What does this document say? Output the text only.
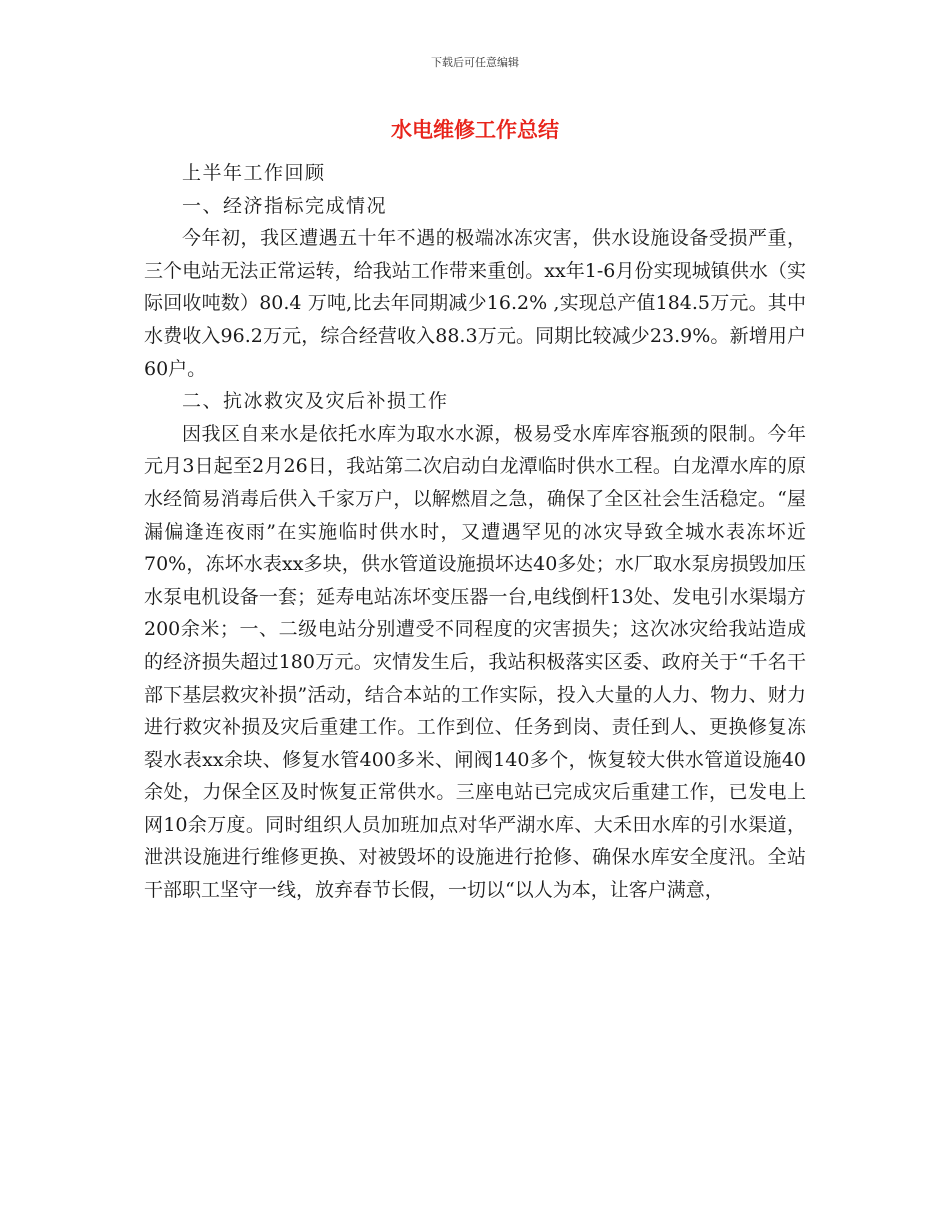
下载后可任意编辑
水电维修工作总结

上半年工作回顾

一、经济指标完成情况

今年初，我区遭遇五十年不遇的极端冰冻灾害，供水设施设备受损严重，三个电站无法正常运转，给我站工作带来重创。xx年1-6月份实现城镇供水（实际回收吨数）80.4 万吨,比去年同期减少16.2% ,实现总产值184.5万元。其中水费收入96.2万元，综合经营收入88.3万元。同期比较减少23.9%。新增用户60户。

二、抗冰救灾及灾后补损工作

因我区自来水是依托水库为取水水源，极易受水库库容瓶颈的限制。今年元月3日起至2月26日，我站第二次启动白龙潭临时供水工程。白龙潭水库的原水经简易消毒后供入千家万户，以解燃眉之急，确保了全区社会生活稳定。“屋漏偏逢连夜雨”在实施临时供水时，又遭遇罕见的冰灾导致全城水表冻坏近70%，冻坏水表xx多块，供水管道设施损坏达40多处；水厂取水泵房损毁加压水泵电机设备一套；延寿电站冻坏变压器一台,电线倒杆13处、发电引水渠塌方200余米；一、二级电站分别遭受不同程度的灾害损失；这次冰灾给我站造成的经济损失超过180万元。灾情发生后，我站积极落实区委、政府关于“千名干部下基层救灾补损”活动，结合本站的工作实际，投入大量的人力、物力、财力进行救灾补损及灾后重建工作。工作到位、任务到岗、责任到人、更换修复冻裂水表xx余块、修复水管400多米、闸阀140多个，恢复较大供水管道设施40余处，力保全区及时恢复正常供水。三座电站已完成灾后重建工作，已发电上网10余万度。同时组织人员加班加点对华严湖水库、大禾田水库的引水渠道，泄洪设施进行维修更换、对被毁坏的设施进行抢修、确保水库安全度汛。全站干部职工坚守一线，放弃春节长假，一切以“以人为本，让客户满意，
